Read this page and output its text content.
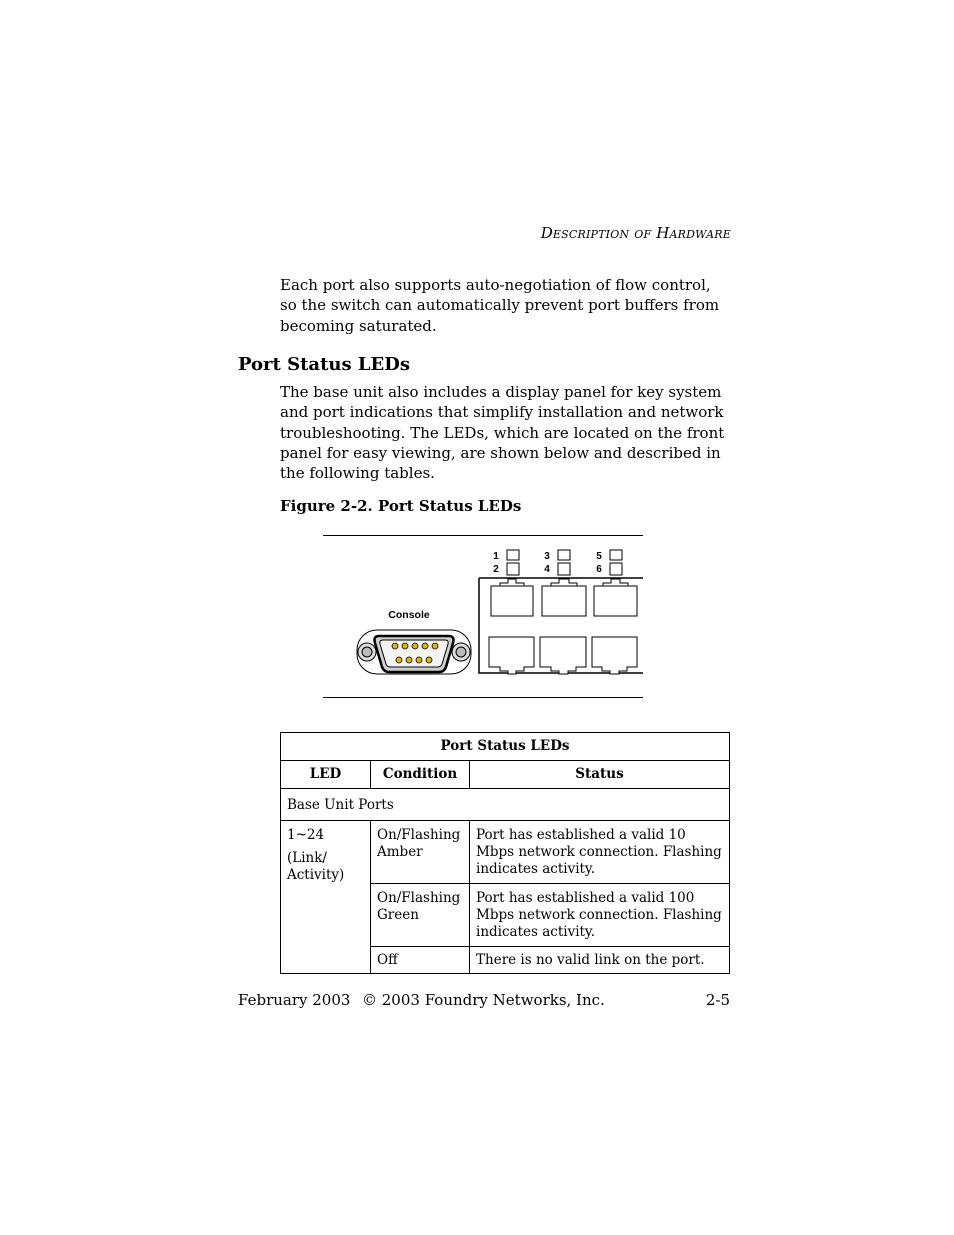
Description of Hardware
Each port also supports auto-negotiation of flow control, so the switch can automatically prevent port buffers from becoming saturated.
Port Status LEDs
The base unit also includes a display panel for key system and port indications that simplify installation and network troubleshooting. The LEDs, which are located on the front panel for easy viewing, are shown below and described in the following tables.
Figure 2-2. Port Status LEDs
1
2
3
4
5
6
Console
Port Status LEDs		
LED	Condition	Status
Base Unit Ports		

1~24
(Link/ Activity)	On/Flashing Amber	Port has established a valid 10 Mbps network connection. Flashing indicates activity.
	On/Flashing Green	Port has established a valid 100 Mbps network connection. Flashing indicates activity.
	Off	There is no valid link on the port.
February 2003 © 2003 Foundry Networks, Inc.	2-5
